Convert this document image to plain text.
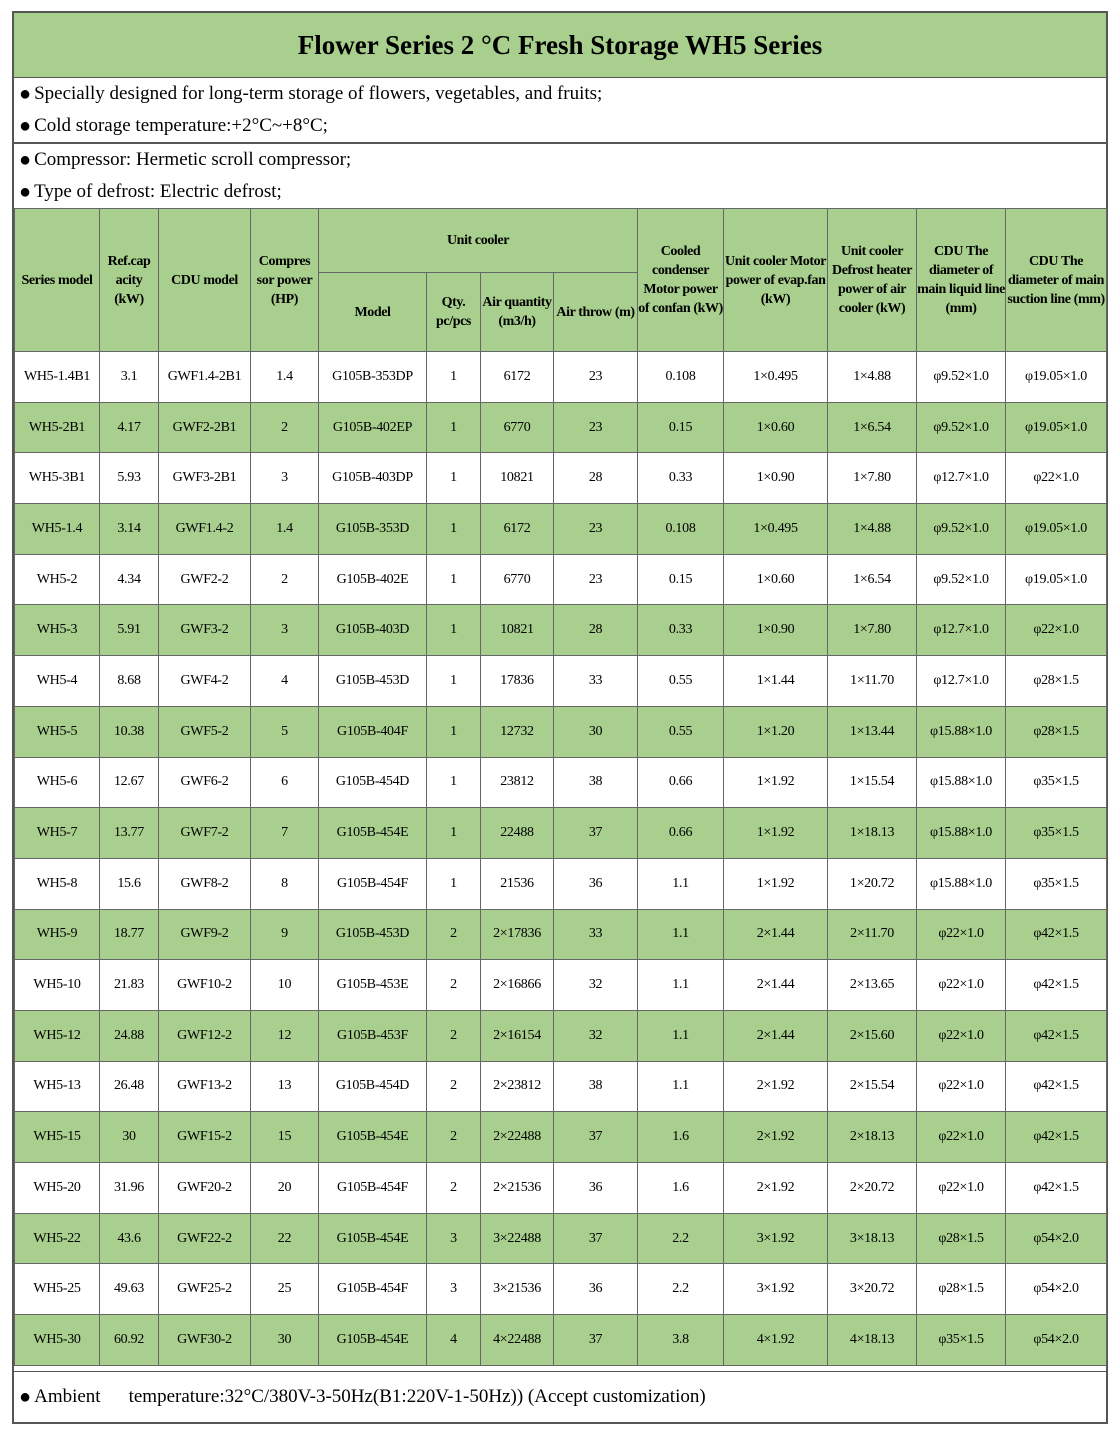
Flower Series 2 °C Fresh Storage WH5 Series
● Specially designed for long-term storage of flowers, vegetables, and fruits;
● Cold storage temperature:+2°C~+8°C;
● Compressor: Hermetic scroll compressor;
● Type of defrost: Electric defrost;
Series model	Ref.cap acity (kW)	CDU model	Compres sor power (HP)	Unit cooler				Cooled condenser Motor power of confan (kW)	Unit cooler Motor power of evap.fan (kW)	Unit cooler Defrost heater power of air cooler (kW)	CDU The diameter of main liquid line (mm)	CDU The diameter of main suction line (mm)
				Model	Qty. pc/pcs	Air quantity (m3/h)	Air throw (m)					
WH5-1.4B1	3.1	GWF1.4-2B1	1.4	G105B-353DP	1	6172	23	0.108	1×0.495	1×4.88	φ9.52×1.0	φ19.05×1.0
WH5-2B1	4.17	GWF2-2B1	2	G105B-402EP	1	6770	23	0.15	1×0.60	1×6.54	φ9.52×1.0	φ19.05×1.0
WH5-3B1	5.93	GWF3-2B1	3	G105B-403DP	1	10821	28	0.33	1×0.90	1×7.80	φ12.7×1.0	φ22×1.0
WH5-1.4	3.14	GWF1.4-2	1.4	G105B-353D	1	6172	23	0.108	1×0.495	1×4.88	φ9.52×1.0	φ19.05×1.0
WH5-2	4.34	GWF2-2	2	G105B-402E	1	6770	23	0.15	1×0.60	1×6.54	φ9.52×1.0	φ19.05×1.0
WH5-3	5.91	GWF3-2	3	G105B-403D	1	10821	28	0.33	1×0.90	1×7.80	φ12.7×1.0	φ22×1.0
WH5-4	8.68	GWF4-2	4	G105B-453D	1	17836	33	0.55	1×1.44	1×11.70	φ12.7×1.0	φ28×1.5
WH5-5	10.38	GWF5-2	5	G105B-404F	1	12732	30	0.55	1×1.20	1×13.44	φ15.88×1.0	φ28×1.5
WH5-6	12.67	GWF6-2	6	G105B-454D	1	23812	38	0.66	1×1.92	1×15.54	φ15.88×1.0	φ35×1.5
WH5-7	13.77	GWF7-2	7	G105B-454E	1	22488	37	0.66	1×1.92	1×18.13	φ15.88×1.0	φ35×1.5
WH5-8	15.6	GWF8-2	8	G105B-454F	1	21536	36	1.1	1×1.92	1×20.72	φ15.88×1.0	φ35×1.5
WH5-9	18.77	GWF9-2	9	G105B-453D	2	2×17836	33	1.1	2×1.44	2×11.70	φ22×1.0	φ42×1.5
WH5-10	21.83	GWF10-2	10	G105B-453E	2	2×16866	32	1.1	2×1.44	2×13.65	φ22×1.0	φ42×1.5
WH5-12	24.88	GWF12-2	12	G105B-453F	2	2×16154	32	1.1	2×1.44	2×15.60	φ22×1.0	φ42×1.5
WH5-13	26.48	GWF13-2	13	G105B-454D	2	2×23812	38	1.1	2×1.92	2×15.54	φ22×1.0	φ42×1.5
WH5-15	30	GWF15-2	15	G105B-454E	2	2×22488	37	1.6	2×1.92	2×18.13	φ22×1.0	φ42×1.5
WH5-20	31.96	GWF20-2	20	G105B-454F	2	2×21536	36	1.6	2×1.92	2×20.72	φ22×1.0	φ42×1.5
WH5-22	43.6	GWF22-2	22	G105B-454E	3	3×22488	37	2.2	3×1.92	3×18.13	φ28×1.5	φ54×2.0
WH5-25	49.63	GWF25-2	25	G105B-454F	3	3×21536	36	2.2	3×1.92	3×20.72	φ28×1.5	φ54×2.0
WH5-30	60.92	GWF30-2	30	G105B-454E	4	4×22488	37	3.8	4×1.92	4×18.13	φ35×1.5	φ54×2.0
● Ambient temperature:32°C/380V-3-50Hz(B1:220V-1-50Hz)) (Accept customization)
